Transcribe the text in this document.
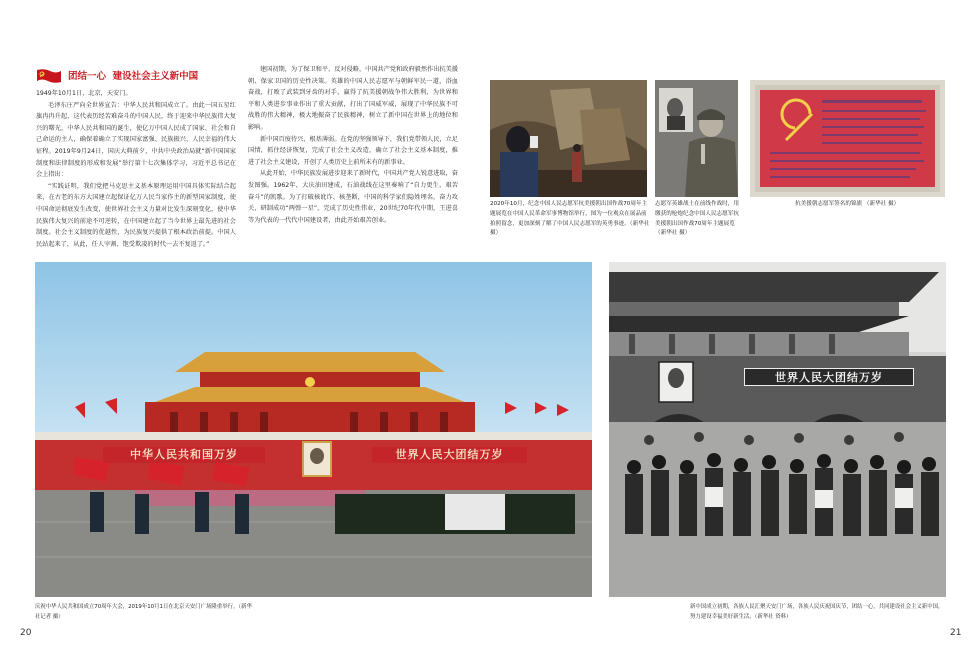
团结一心  建设社会主义新中国

1949年10月1日，北京，天安门。

毛泽东庄严向全世界宣告：中华人民共和国成立了。由此一国五星红旗冉冉升起，这代表历经苦难奋斗的中国人民，终于迎来中华民族伟大复兴的曙光，中华人民共和国的诞生，使亿万中国人民成了国家、社会和自己命运的主人，确保着确立了实现国家富强、民族振兴、人民幸福的伟大征程。2019年9月24日，国庆大典前夕，中共中央政治局就“新中国国家制度和法律制度的形成和发展”举行第十七次集体学习，习近平总书记在会上指出：

“实践证明，我们党把马克思主义基本原理运用中国具体实际结合起来，在古老的东方大国建立起保证亿万人民当家作主的新型国家制度，使中国命运彻底发生改变，使世界社会主义力量对比发生深刻变化，使中华民族伟大复兴的前途不可逆转，在中国建立起了当今世界上最先进的社会制度。社会主义制度的优越性，为民族复兴提供了根本政治前提。中国人民站起来了，从此，任人宰割、饱受欺凌的时代一去不复返了。”

建国初期，为了保卫和平、反对侵略，中国共产党和政府毅然作出抗美援朝、保家卫国的历史性决策。英雄的中国人民志愿军与朝鲜军民一道，浴血奋战，打败了武装到牙齿的对手，赢得了抗美援朝战争伟大胜利，为世界和平和人类进步事业作出了重大贡献，打出了国威军威，展现了中华民族不可战胜的伟大精神，极大地振奋了民族精神，树立了新中国在世界上的地位和影响。

新中国百废待兴，根基薄弱。在党的坚强领导下，我们党带领人民，立足国情，抓住经济恢复，完成了社会主义改造，确立了社会主义基本制度，推进了社会主义建设，开创了人类历史上前所未有的新事业。

从此开始，中华民族发展进步迎来了新时代，中国共产党人锐意进取，奋发图强。1962年，大庆油田建成，石油战线在这里奏响了“自力更生、艰苦奋斗”的凯歌。为了打破核讹诈、核垄断，中国的科学家们隐姓埋名，奋力攻关，研制成功“两弹一星”，完成了历史性伟业，20世纪70年代中期，王进喜等为代表的一代代中国建设者，由此开始艰苦创业。

2020年10月，纪念中国人民志愿军抗美援朝出国作战70周年主题展览在中国人民革命军事博物馆举行，图为一位观众在展品前拍照留念，更加深刻了解了中国人民志愿军的英勇事迹。（新华社 摄）
志愿军英雄战士在前线作战时，用缴获的枪炮纪念中国人民志愿军抗美援朝出国作战70周年主题展览 （新华社 摄）
抗美援朝志愿军签名的锦旗 （新华社 摄）
中华人民共和国万岁	世界人民大团结万岁
庆祝中华人民共和国成立70周年大会，2019年10月1日在北京天安门广场隆重举行。（新华社记者 摄）
世界人民大团结万岁
新中国成立初期，各族人民汇聚天安门广场，各族人民庆祝国庆节，团结一心，共同建设社会主义新中国，努力建设幸福美好新生活。（新华社 资料）
20	21
